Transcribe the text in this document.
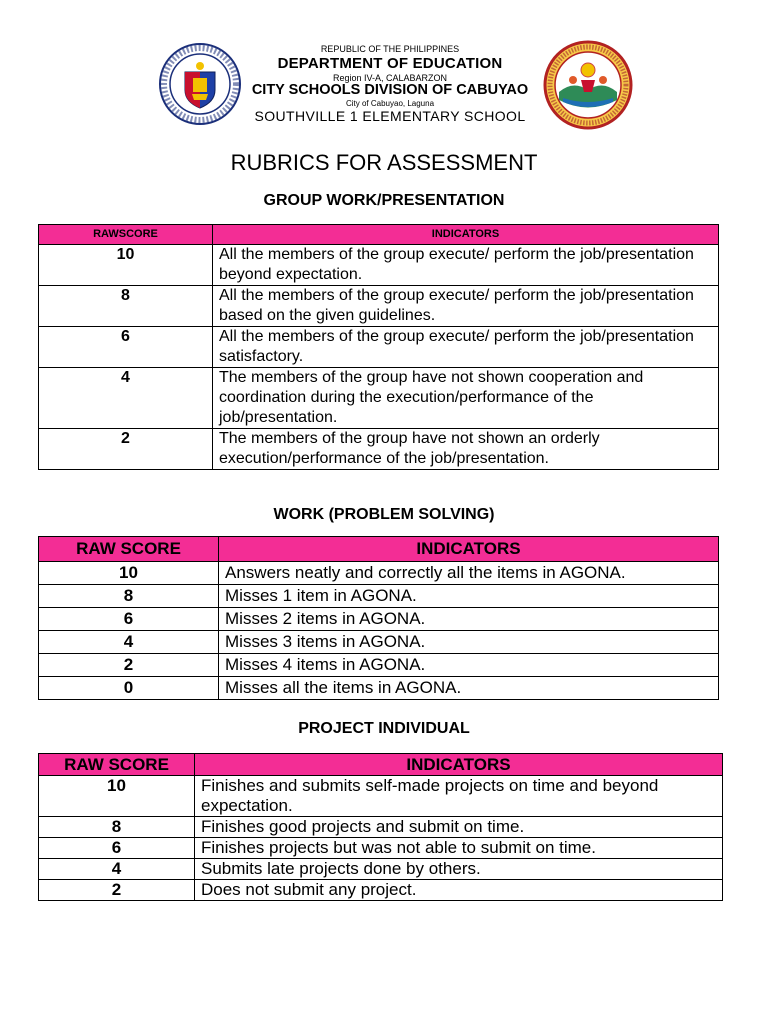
REPUBLIC OF THE PHILIPPINES

DEPARTMENT OF EDUCATION

Region IV-A, CALABARZON

CITY SCHOOLS DIVISION OF CABUYAO

City of Cabuyao, Laguna

SOUTHVILLE 1 ELEMENTARY SCHOOL

RUBRICS FOR ASSESSMENT
GROUP WORK/PRESENTATION
RAWSCORE	INDICATORS
10	All the members of the group execute/ perform the job/presentation beyond expectation.
8	All the members of the group execute/ perform the job/presentation based on the given guidelines.
6	All the members of the group execute/ perform the job/presentation satisfactory.
4	The members of the group have not shown cooperation and coordination during the execution/performance of the job/presentation.
2	The members of the group have not shown an orderly execution/performance of the job/presentation.
WORK (PROBLEM SOLVING)
RAW SCORE	INDICATORS
10	Answers neatly and correctly all the items in AGONA.
8	Misses 1 item in AGONA.
6	Misses 2 items in AGONA.
4	Misses 3 items in AGONA.
2	Misses 4 items in AGONA.
0	Misses all the items in AGONA.
PROJECT INDIVIDUAL
RAW SCORE	INDICATORS
10	Finishes and submits self-made projects on time and beyond expectation.
8	Finishes good projects and submit on time.
6	Finishes projects but was not able to submit on time.
4	Submits late projects done by others.
2	Does not submit any project.
